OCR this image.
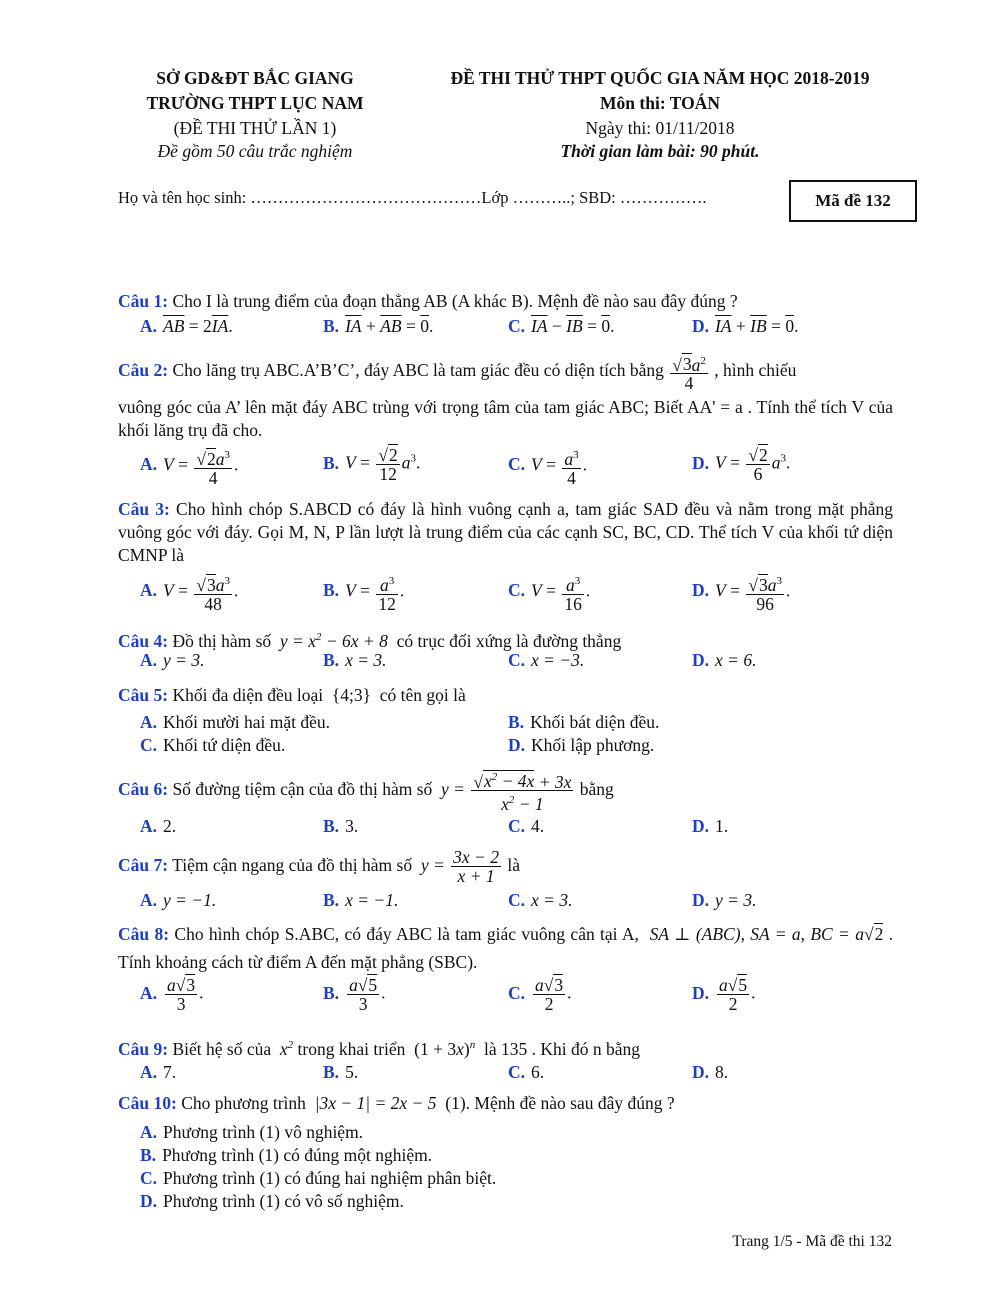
SỞ GD&ĐT BẮC GIANG
TRƯỜNG THPT LỤC NAM
(ĐỀ THI THỬ LẦN 1)
Đề gồm 50 câu trắc nghiệm
ĐỀ THI THỬ THPT QUỐC GIA NĂM HỌC 2018-2019
Môn thi: TOÁN
Ngày thi: 01/11/2018
Thời gian làm bài: 90 phút.
Họ và tên học sinh: ……………………………………Lớp ………..; SBD: …………….	Mã đề 132
Câu 1: Cho I là trung điểm của đoạn thẳng AB (A khác B). Mệnh đề nào sau đây đúng ?
A. $\overline{AB} = 2\overline{IA}$.	B. $\overline{IA} + \overline{AB} = 0$.	C. $\overline{IA} - \overline{IB} = 0$.	D. $\overline{IA} + \overline{IB} = 0$.
Câu 2: Cho lăng trụ ABC.A’B’C’, đáy ABC là tam giác đều có diện tích bằng $\frac{√3a^2}{4}$ , hình chiếu
vuông góc của A’ lên mặt đáy ABC trùng với trọng tâm của tam giác ABC; Biết AA' = a . Tính thể tích V của khối lăng trụ đã cho.
A. $V = \frac{√2a^3}{4}$ .	B. $V = \frac{√2}{12} a^3$.	C. $V = \frac{a^3}{4}$ .	D. $V = \frac{√2}{6} a^3$.
Câu 3: Cho hình chóp S.ABCD có đáy là hình vuông cạnh a, tam giác SAD đều và nằm trong mặt phẳng vuông góc với đáy. Gọi M, N, P lần lượt là trung điểm của các cạnh SC, BC, CD. Thể tích V của khối tứ diện CMNP là
A. $V = \frac{√3a^3}{48}$ .	B. $V = \frac{a^3}{12}$ .	C. $V = \frac{a^3}{16}$ .	D. $V = \frac{√3a^3}{96}$ .
Câu 4: Đồ thị hàm số  $y = x^2 - 6x + 8$  có trục đối xứng là đường thẳng
A. y = 3.	B. x = 3.	C. x = −3.	D. x = 6.
Câu 5: Khối đa diện đều loại  {4;3}  có tên gọi là
A. Khối mười hai mặt đều.	B. Khối bát diện đều.
C. Khối tứ diện đều.	D. Khối lập phương.
Câu 6: Số đường tiệm cận của đồ thị hàm số  $y = \frac{√x^2 - 4x + 3x}{x^2 - 1}$ bằng
A. 2.	B. 3.	C. 4.	D. 1.
Câu 7: Tiệm cận ngang của đồ thị hàm số  $y = \frac{3x - 2}{x + 1}$ là
A. y = −1.	B. x = −1.	C. x = 3.	D. y = 3.
Câu 8: Cho hình chóp S.ABC, có đáy ABC là tam giác vuông cân tại A,  SA ⊥ (ABC), SA = a, BC = a√2 . Tính khoảng cách từ điểm A đến mặt phẳng (SBC).
A. $\frac{a√3}{3}$ .	B. $\frac{a√5}{3}$ .	C. $\frac{a√3}{2}$ .	D. $\frac{a√5}{2}$ .
Câu 9: Biết hệ số của  $x^2$ trong khai triển  $(1 + 3x)^n$ là 135 . Khi đó n bằng
A. 7.	B. 5.	C. 6.	D. 8.
Câu 10: Cho phương trình  |3x − 1| = 2x − 5  (1). Mệnh đề nào sau đây đúng ?
A. Phương trình (1) vô nghiệm.
B. Phương trình (1) có đúng một nghiệm.
C. Phương trình (1) có đúng hai nghiệm phân biệt.
D. Phương trình (1) có vô số nghiệm.
Trang 1/5 - Mã đề thi 132
